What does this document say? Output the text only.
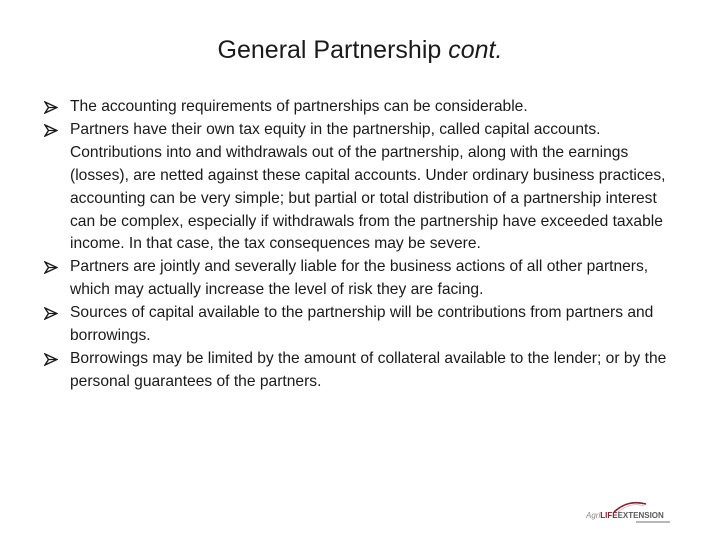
General Partnership cont.
The accounting requirements of partnerships can be considerable.
Partners have their own tax equity in the partnership, called capital accounts. Contributions into and withdrawals out of the partnership, along with the earnings (losses), are netted against these capital accounts. Under ordinary business practices, accounting can be very simple; but partial or total distribution of a partnership interest can be complex, especially if withdrawals from the partnership have exceeded taxable income. In that case, the tax consequences may be severe.
Partners are jointly and severally liable for the business actions of all other partners, which may actually increase the level of risk they are facing.
Sources of capital available to the partnership will be contributions from partners and borrowings.
Borrowings may be limited by the amount of collateral available to the lender; or by the personal guarantees of the partners.
AgriLIFEEXTENSION
